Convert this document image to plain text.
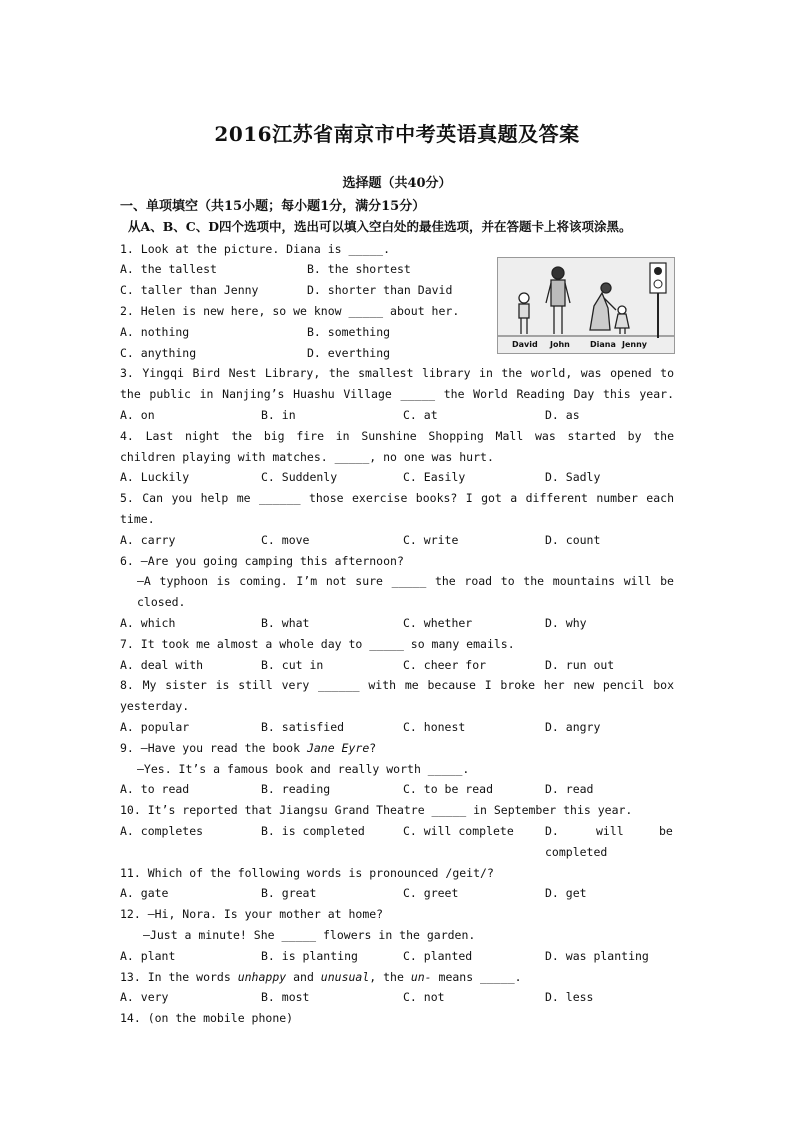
2016江苏省南京市中考英语真题及答案
选择题（共40分）
一、单项填空（共15小题；每小题1分，满分15分）
从A、B、C、D四个选项中，选出可以填入空白处的最佳选项，并在答题卡上将该项涂黑。
1. Look at the picture. Diana is _____.
A. the tallest	B. the shortest
C. taller than Jenny	D. shorter than David
David John	Diana Jenny
2. Helen is new here, so we know _____ about her.
A. nothing	B. something
C. anything	D. everthing
3. Yingqi Bird Nest Library, the smallest library in the world, was opened to
the public in Nanjing’s Huashu Village _____ the World Reading Day this year.
A. on	B. in	C. at	D. as
4. Last night the big fire in Sunshine Shopping Mall was started by the
children playing with matches. _____, no one was hurt.
A. Luckily	C. Suddenly	C. Easily	D. Sadly
5. Can you help me ______ those exercise books? I got a different number each
time.
A. carry	C. move	C. write	D. count
6. —Are you going camping this afternoon?
—A typhoon is coming. I’m not sure _____ the road to the mountains will be
closed.
A. which	B. what	C. whether	D. why
7. It took me almost a whole day to _____ so many emails.
A. deal with	B. cut in	C. cheer for	D. run out
8. My sister is still very ______ with me because I broke her new pencil box
yesterday.
A. popular	B. satisfied	C. honest	D. angry
9. —Have you read the book Jane Eyre?
—Yes. It’s a famous book and really worth _____.
A. to read	B. reading	C. to be read	D. read
10. It’s reported that Jiangsu Grand Theatre _____ in September this year.
A. completes	B. is completed	C. will complete	D.	will	be
completed
11. Which of the following words is pronounced /geit/?
A. gate	B. great	C. greet	D. get
12. —Hi, Nora. Is your mother at home?
—Just a minute! She _____ flowers in the garden.
A. plant	B. is planting	C. planted	D. was planting
13. In the words unhappy and unusual, the un- means _____.
A. very	B. most	C. not	D. less
14. (on the mobile phone)
